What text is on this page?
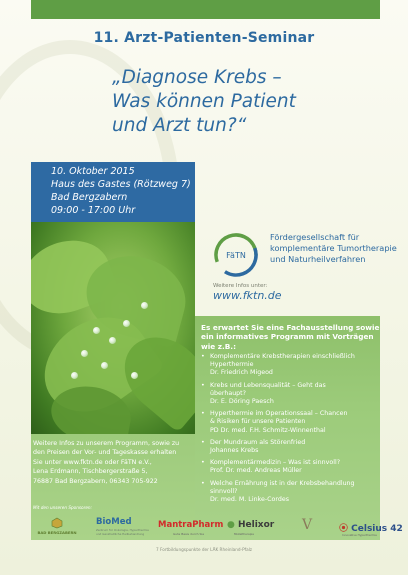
11. Arzt-Patienten-Seminar
„Diagnose Krebs –
Was können Patient
und Arzt tun?“
10. Oktober 2015
Haus des Gastes (Rötzweg 7)
Bad Bergzabern
09:00 - 17:00 Uhr
FäTN
Fördergesellschaft für
komplementäre Tumortherapie
und Naturheilverfahren
Weitere Infos unter:
www.fktn.de
Es erwartet Sie eine Fachausstellung sowie
ein informatives Programm mit Vorträgen
wie z.B.:
• Komplementäre Krebstherapien einschließlich
Hyperthermie
Dr. Friedrich Migeod
• Krebs und Lebensqualität – Geht das
überhaupt?
Dr. E. Döring Paesch
• Hyperthermie im Operationssaal – Chancen
& Risiken für unsere Patienten
PD Dr. med. F.H. Schmitz-Winnenthal
• Der Mundraum als Störenfried
Johannes Krebs
• Komplementärmedizin – Was ist sinnvoll?
Prof. Dr. med. Andreas Müller
• Welche Ernährung ist in der Krebsbehandlung
sinnvoll?
Dr. med. M. Linke-Cordes
Weitere Infos zu unserem Programm, sowie zu
den Preisen der Vor- und Tageskasse erhalten
Sie unter www.fktn.de oder FäTN e.V.,
Lena Erdmann, Tischbergerstraße 5,
76887 Bad Bergzabern, 06343 705-922
Mit den unseren Sponsoren:
BAD BERGZABERN
BioMed
Zentrum für Onkologie, Hyperthermie und Ganzheitliche Heilbehandlung
MantraPharm
Gute Basis durch Sie
● Helixor
Misteltherapie
V	⦿ Celsius 42
Innovative Hyperthermie
7 Fortbildungspunkte der LÄK Rheinland-Pfalz
